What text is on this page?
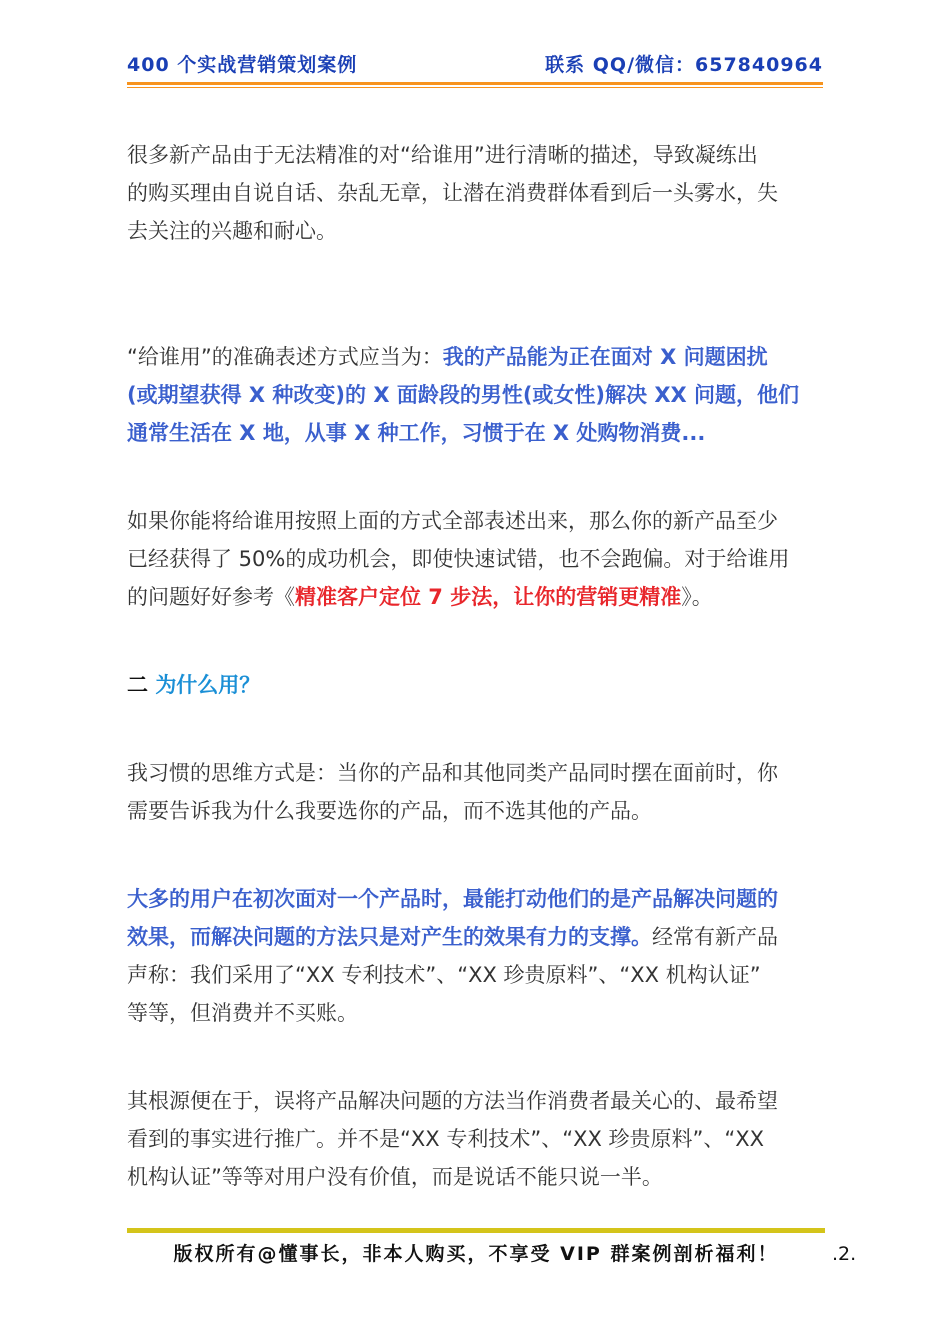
400 个实战营销策划案例	联系 QQ/微信：657840964

很多新产品由于无法精准的对“给谁用”进行清晰的描述，导致凝练出

的购买理由自说自话、杂乱无章，让潜在消费群体看到后一头雾水，失

去关注的兴趣和耐心。

“给谁用”的准确表述方式应当为：我的产品能为正在面对 X 问题困扰

(或期望获得 X 种改变)的 X 面龄段的男性(或女性)解决 XX 问题，他们

通常生活在 X 地，从事 X 种工作，习惯于在 X 处购物消费...

如果你能将给谁用按照上面的方式全部表述出来，那么你的新产品至少

已经获得了 50%的成功机会，即使快速试错，也不会跑偏。对于给谁用

的问题好好参考《精准客户定位 7 步法，让你的营销更精准》。

二 为什么用？

我习惯的思维方式是：当你的产品和其他同类产品同时摆在面前时，你

需要告诉我为什么我要选你的产品，而不选其他的产品。

大多的用户在初次面对一个产品时，最能打动他们的是产品解决问题的

效果，而解决问题的方法只是对产生的效果有力的支撑。经常有新产品

声称：我们采用了“XX 专利技术”、“XX 珍贵原料”、“XX 机构认证”

等等，但消费并不买账。

其根源便在于，误将产品解决问题的方法当作消费者最关心的、最希望

看到的事实进行推广。并不是“XX 专利技术”、“XX 珍贵原料”、“XX

机构认证”等等对用户没有价值，而是说话不能只说一半。

版权所有@懂事长，非本人购买，不享受 VIP 群案例剖析福利！	.2.
